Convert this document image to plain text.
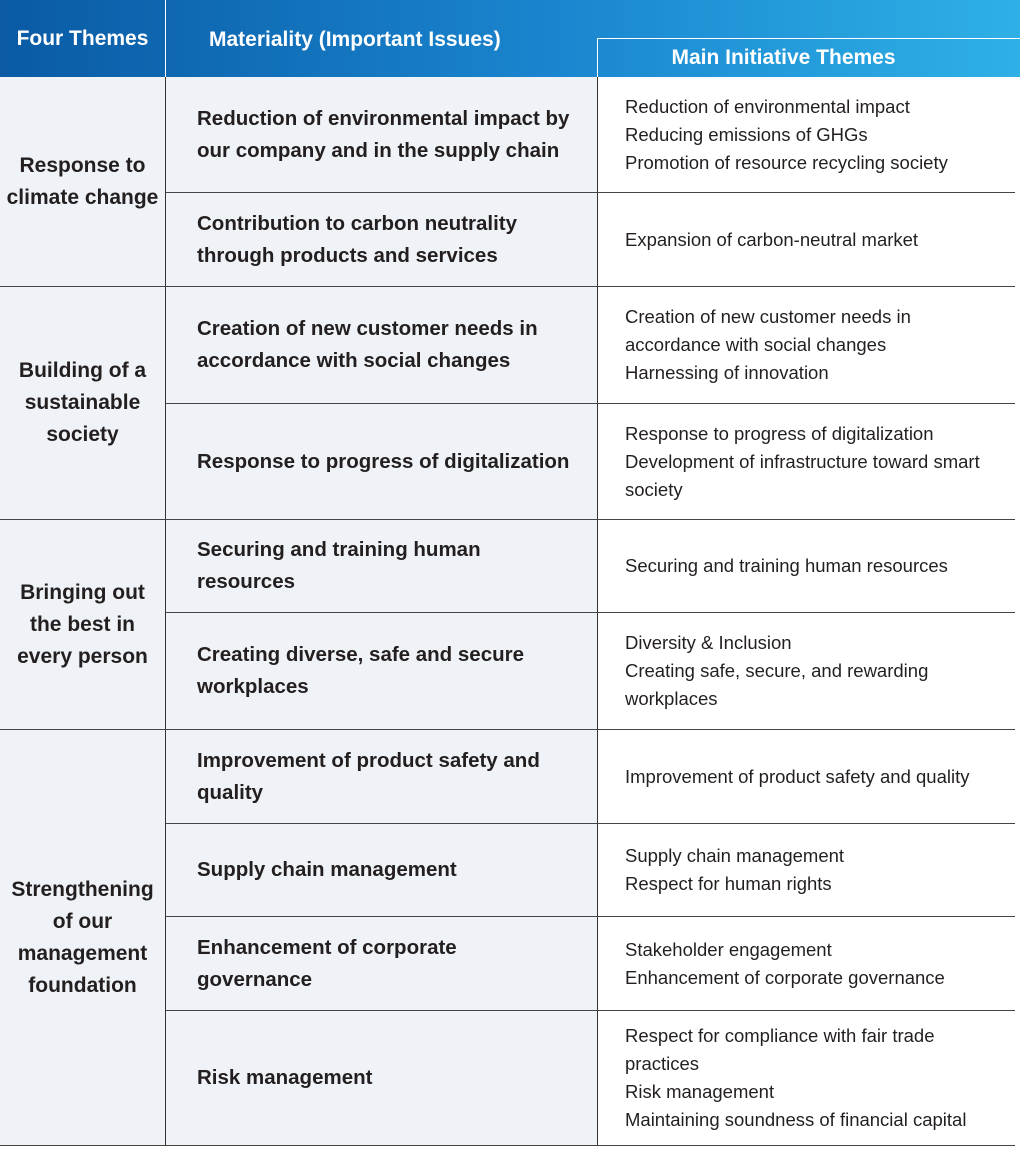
Four Themes	Materiality (Important Issues)
Main Initiative Themes
Response to climate change
Reduction of environmental impact by our company and in the supply chain
Reduction of environmental impact
Reducing emissions of GHGs
Promotion of resource recycling society
Contribution to carbon neutrality through products and services
Expansion of carbon-neutral market
Building of a sustainable society
Creation of new customer needs in accordance with social changes
Creation of new customer needs in accordance with social changes
Harnessing of innovation
Response to progress of digitalization
Response to progress of digitalization
Development of infrastructure toward smart society
Bringing out the best in every person
Securing and training human resources
Securing and training human resources
Creating diverse, safe and secure workplaces
Diversity & Inclusion
Creating safe, secure, and rewarding workplaces
Strengthening of our management foundation
Improvement of product safety and quality
Improvement of product safety and quality
Supply chain management
Supply chain management
Respect for human rights
Enhancement of corporate governance
Stakeholder engagement
Enhancement of corporate governance
Risk management
Respect for compliance with fair trade practices
Risk management
Maintaining soundness of financial capital
